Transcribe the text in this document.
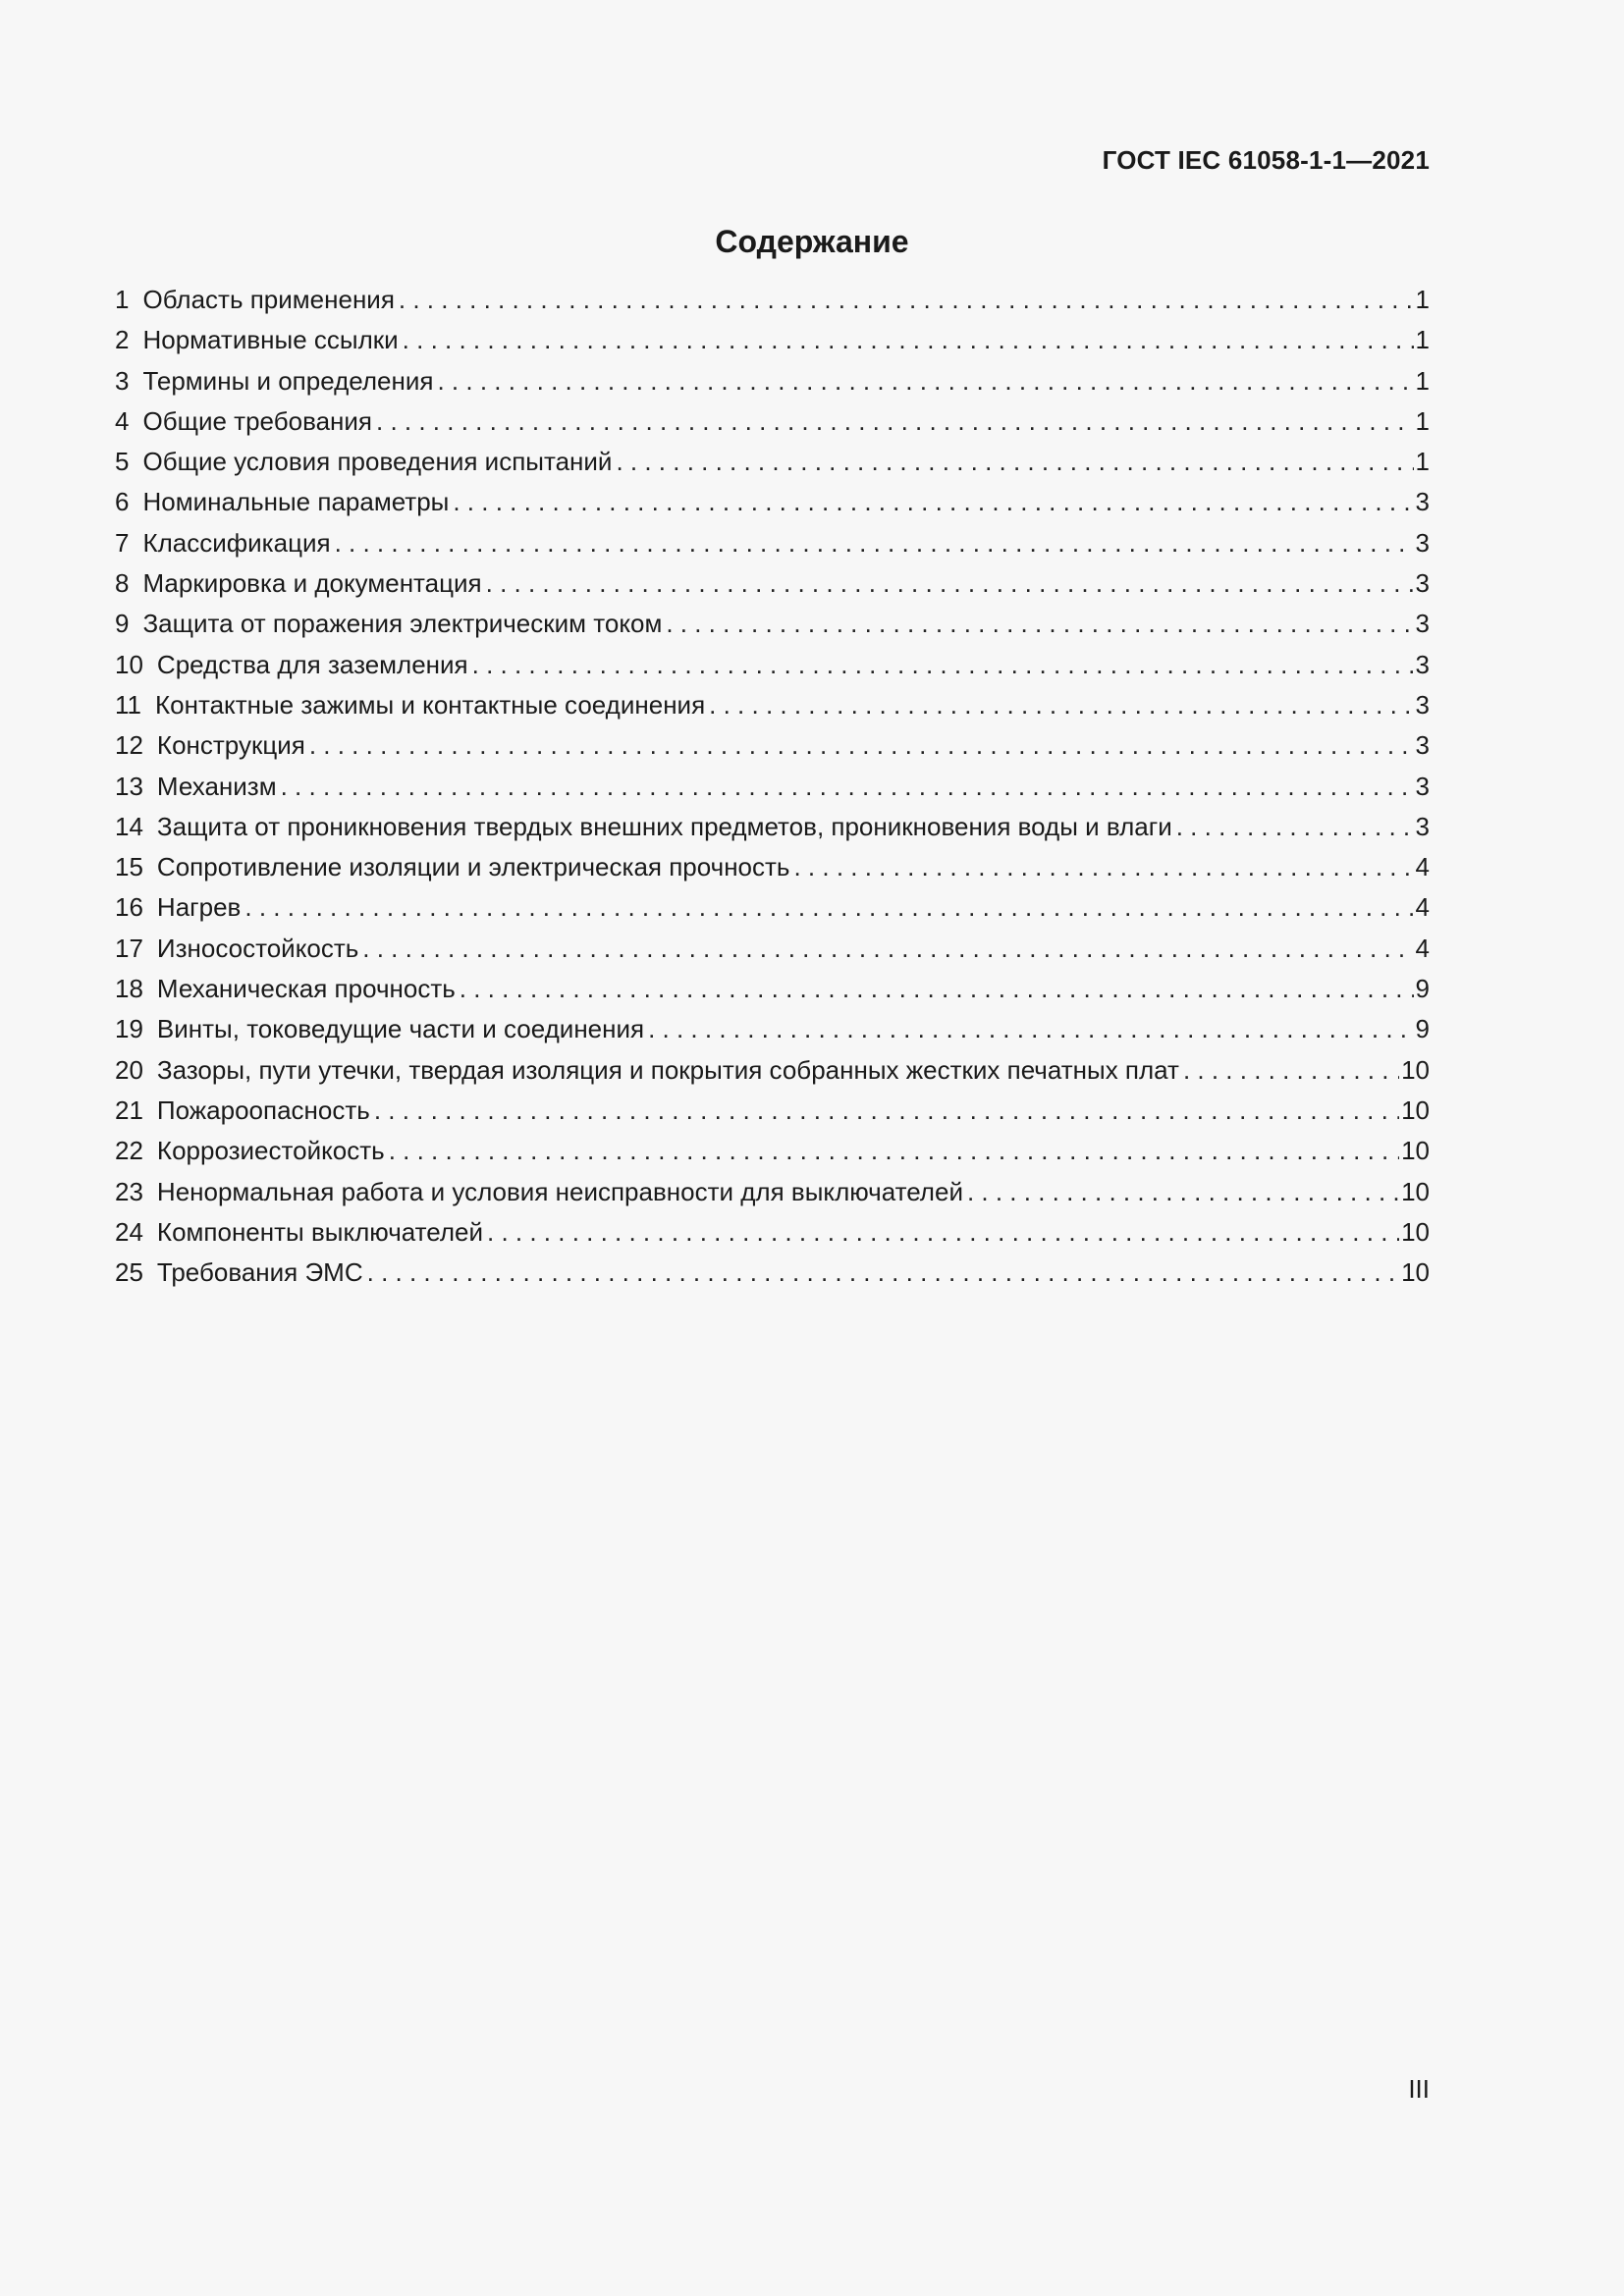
ГОСТ IEC 61058-1-1—2021
Содержание
1 Область применения . . .	1
2 Нормативные ссылки . . .	1
3 Термины и определения . . .	1
4 Общие требования . . .	1
5 Общие условия проведения испытаний . . .	1
6 Номинальные параметры . . .	3
7 Классификация . . .	3
8 Маркировка и документация . . .	3
9 Защита от поражения электрическим током . . .	3
10 Средства для заземления . . .	3
11 Контактные зажимы и контактные соединения . . .	3
12 Конструкция . . .	3
13 Механизм . . .	3
14 Защита от проникновения твердых внешних предметов, проникновения воды и влаги . . .	3
15 Сопротивление изоляции и электрическая прочность . . .	4
16 Нагрев . . .	4
17 Износостойкость . . .	4
18 Механическая прочность . . .	9
19 Винты, токоведущие части и соединения . . .	9
20 Зазоры, пути утечки, твердая изоляция и покрытия собранных жестких печатных плат . . .	10
21 Пожароопасность . . .	10
22 Коррозиестойкость . . .	10
23 Ненормальная работа и условия неисправности для выключателей . . .	10
24 Компоненты выключателей . . .	10
25 Требования ЭМС . . .	10
III
